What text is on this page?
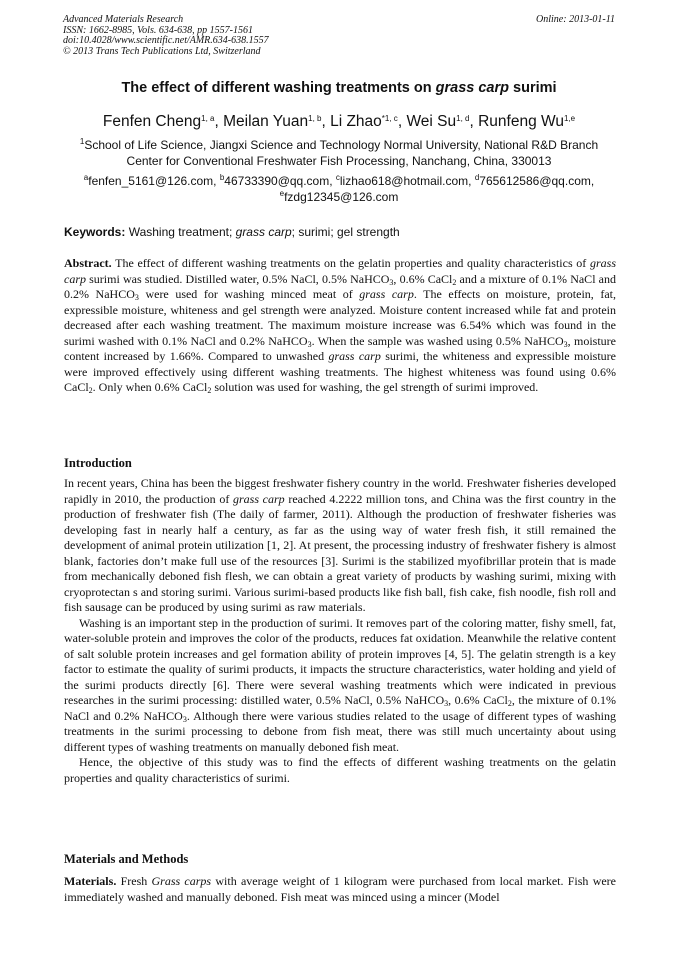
Advanced Materials Research
ISSN: 1662-8985, Vols. 634-638, pp 1557-1561
doi:10.4028/www.scientific.net/AMR.634-638.1557
© 2013 Trans Tech Publications Ltd, Switzerland
Online: 2013-01-11
The effect of different washing treatments on grass carp surimi
Fenfen Cheng$^{1, a}$, Meilan Yuan$^{1, b}$, Li Zhao$^{*1, c}$, Wei Su$^{1, d}$, Runfeng Wu$^{1,e}$
$^1$School of Life Science, Jiangxi Science and Technology Normal University, National R&D Branch
Center for Conventional Freshwater Fish Processing, Nanchang, China, 330013
$^a$fenfen_5161@126.com, $^b$46733390@qq.com, $^c$lizhao618@hotmail.com, $^d$765612586@qq.com,
$^e$fzdg12345@126.com
Keywords: Washing treatment; grass carp; surimi; gel strength
Abstract. The effect of different washing treatments on the gelatin properties and quality characteristics of grass carp surimi was studied. Distilled water, 0.5% NaCl, 0.5% NaHCO$_3$, 0.6% CaCl$_2$ and a mixture of 0.1% NaCl and 0.2% NaHCO$_3$ were used for washing minced meat of grass carp. The effects on moisture, protein, fat, expressible moisture, whiteness and gel strength were analyzed. Moisture content increased while fat and protein decreased after each washing treatment. The maximum moisture increase was 6.54% which was found in the surimi washed with 0.1% NaCl and 0.2% NaHCO$_3$. When the sample was washed using 0.5% NaHCO$_3$, moisture content increased by 1.66%. Compared to unwashed grass carp surimi, the whiteness and expressible moisture were improved effectively using different washing treatments. The highest whiteness was found using 0.6% CaCl$_2$. Only when 0.6% CaCl$_2$ solution was used for washing, the gel strength of surimi improved.
Introduction

In recent years, China has been the biggest freshwater fishery country in the world. Freshwater fisheries developed rapidly in 2010, the production of grass carp reached 4.2222 million tons, and China was the first country in the production of freshwater fish (The daily of farmer, 2011). Although the production of freshwater fisheries was developing fast in nearly half a century, as far as the using way of water fresh fish, it still remained the development of animal protein utilization [1, 2]. At present, the processing industry of freshwater fishery is almost blank, factories don’t make full use of the resources [3]. Surimi is the stabilized myofibrillar protein that is made from mechanically deboned fish flesh, we can obtain a great variety of products by washing surimi, mixing with cryoprotectan s and storing surimi. Various surimi-based products like fish ball, fish cake, fish noodle, fish roll and fish sausage can be produced by using surimi as raw materials.

Washing is an important step in the production of surimi. It removes part of the coloring matter, fishy smell, fat, water-soluble protein and improves the color of the products, reduces fat oxidation. Meanwhile the relative content of salt soluble protein increases and gel formation ability of protein improves [4, 5]. The gelatin strength is a key factor to estimate the quality of surimi products, it impacts the structure characteristics, water holding and yield of the surimi products directly [6]. There were several washing treatments which were indicated in previous researches in the surimi processing: distilled water, 0.5% NaCl, 0.5% NaHCO$_3$, 0.6% CaCl$_2$, the mixture of 0.1% NaCl and 0.2% NaHCO$_3$. Although there were various studies related to the usage of different types of washing treatments in the surimi processing to debone from fish meat, there was still much uncertainty about using different types of washing treatments on manually deboned fish meat.

Hence, the objective of this study was to find the effects of different washing treatments on the gelatin properties and quality characteristics of surimi.

Materials and Methods
Materials. Fresh Grass carps with average weight of 1 kilogram were purchased from local market. Fish were immediately washed and manually deboned. Fish meat was minced using a mincer (Model
